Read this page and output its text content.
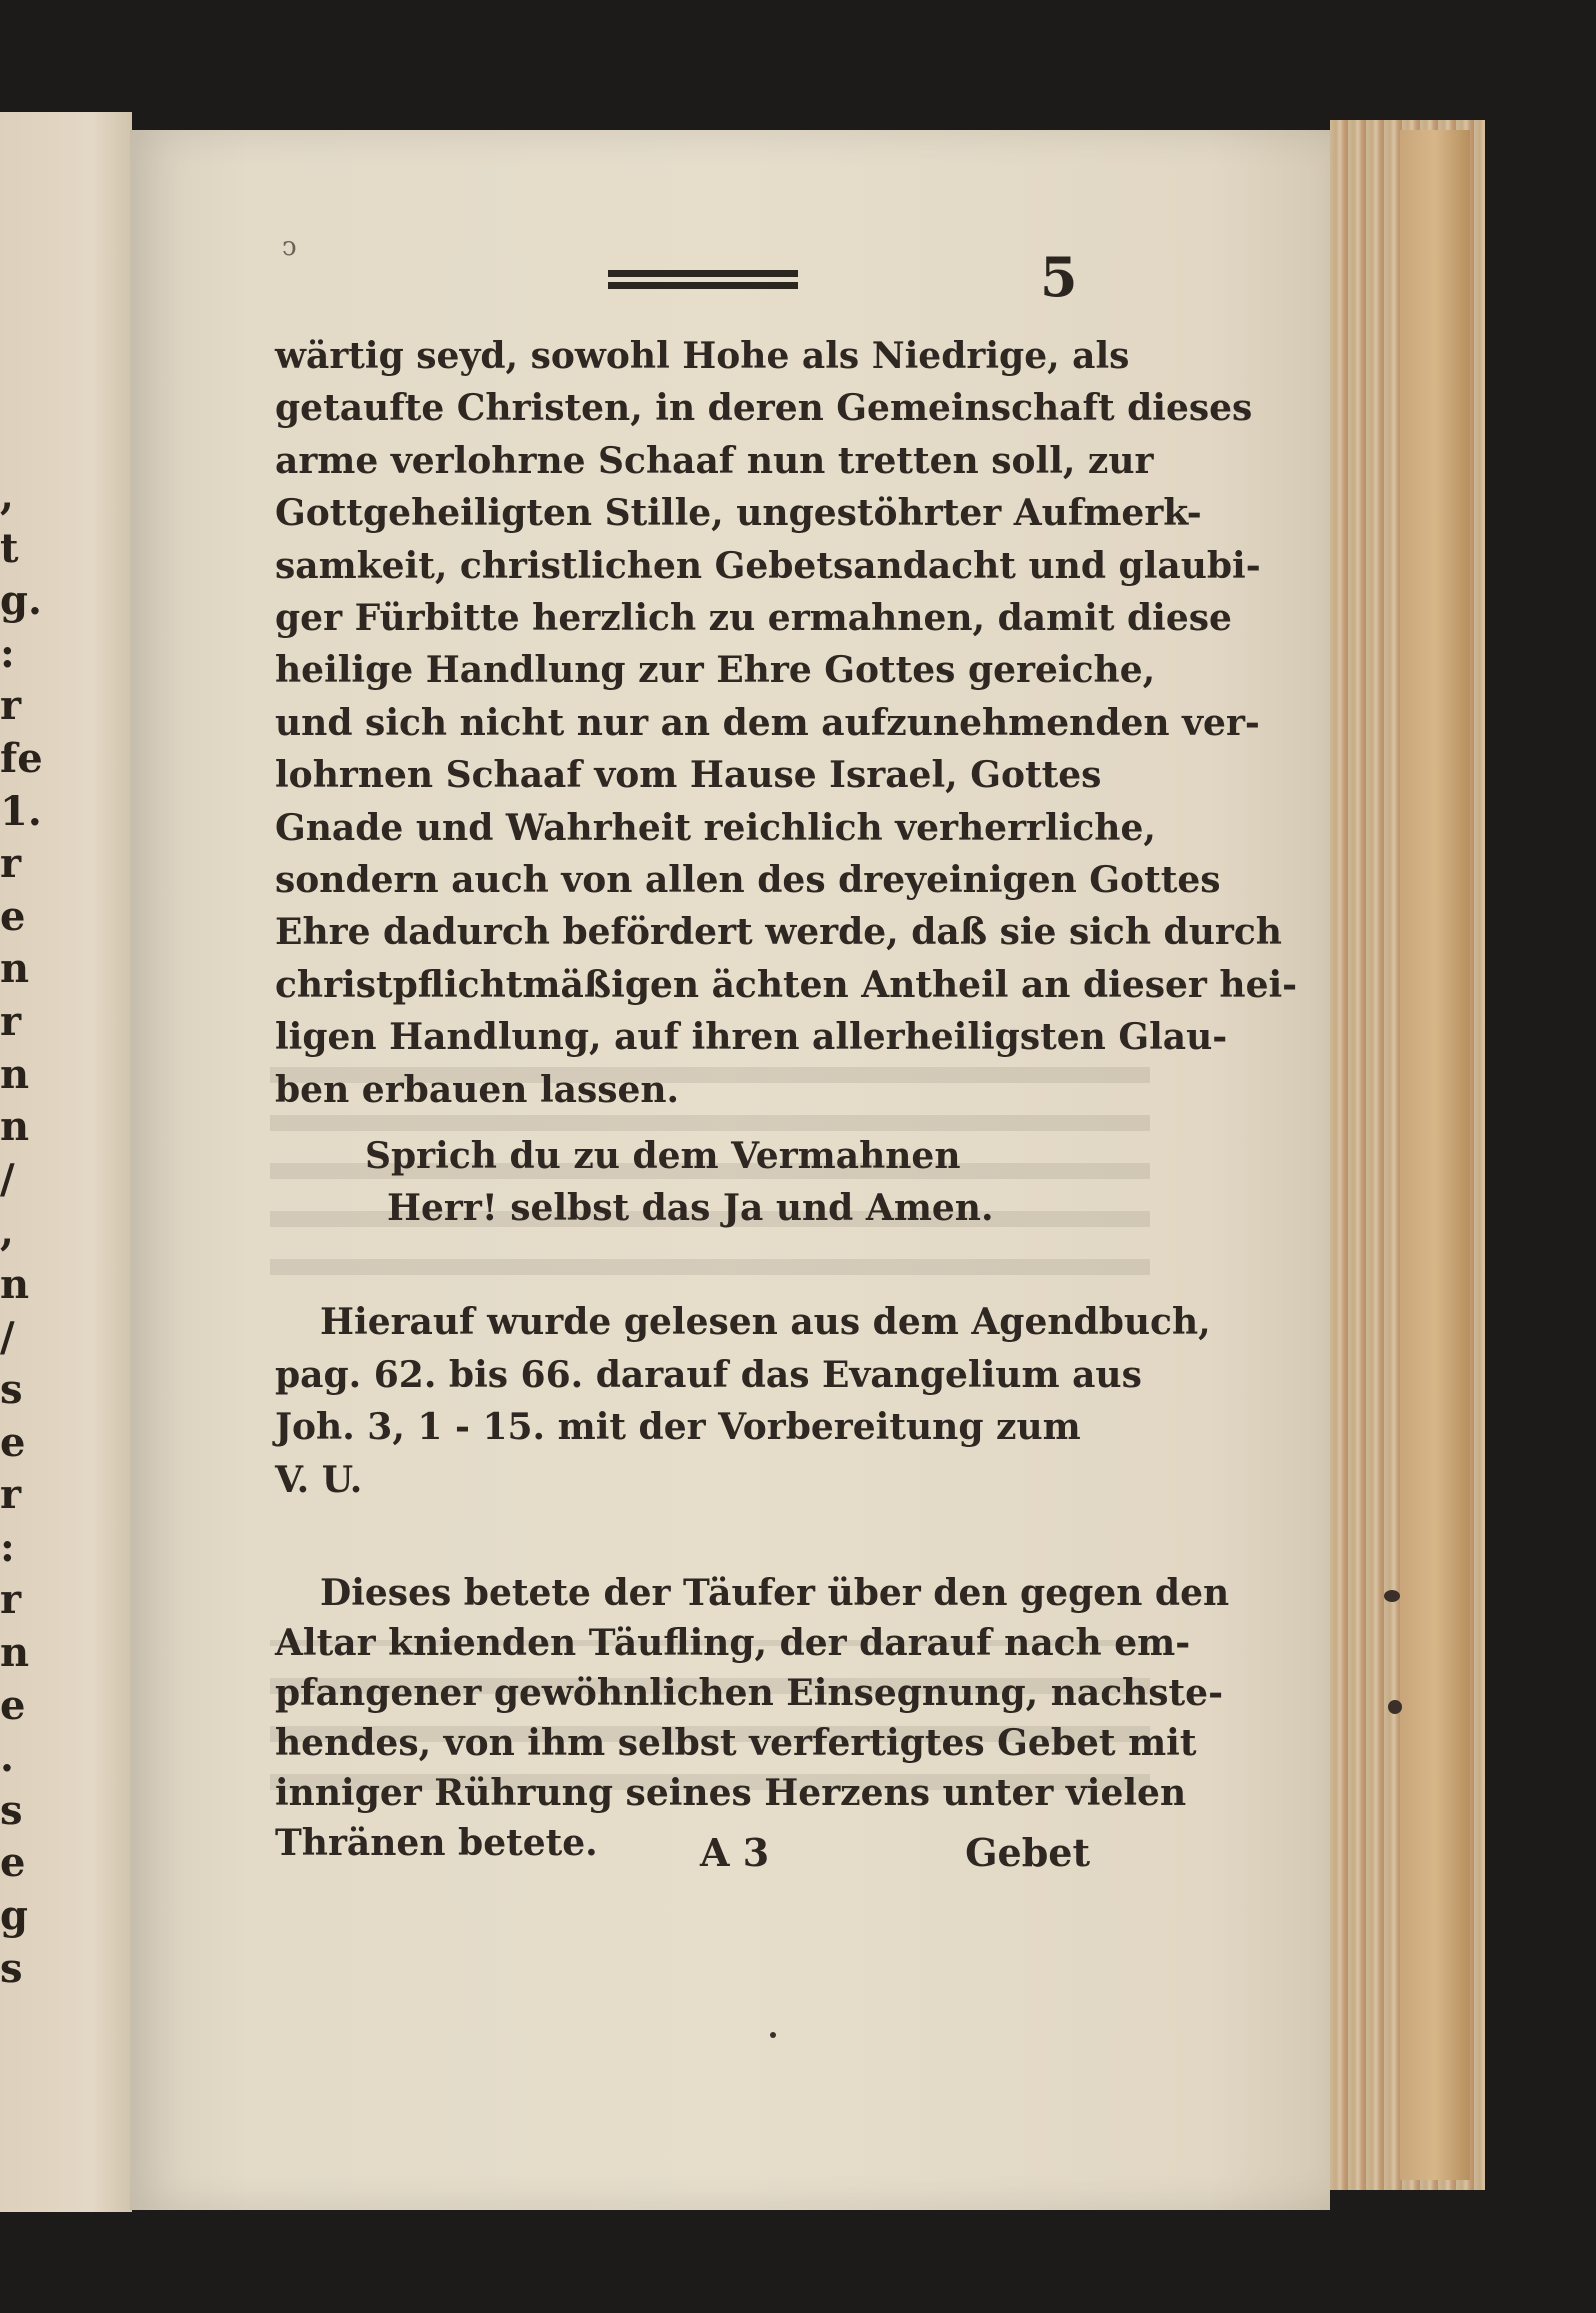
,
t
g.
:
r
fe
1.
r
e
n
r
n
n
/
,
n
/
s
e
r
:
r
n
e
.
s
e
g
s
ↄ	5
wärtig seyd, sowohl Hohe als Niedrige, als
getaufte Christen, in deren Gemeinschaft dieses
arme verlohrne Schaaf nun tretten soll, zur
Gottgeheiligten Stille, ungestöhrter Aufmerk-
samkeit, christlichen Gebetsandacht und glaubi-
ger Fürbitte herzlich zu ermahnen, damit diese
heilige Handlung zur Ehre Gottes gereiche,
und sich nicht nur an dem aufzunehmenden ver-
lohrnen Schaaf vom Hause Israel, Gottes
Gnade und Wahrheit reichlich verherrliche,
sondern auch von allen des dreyeinigen Gottes
Ehre dadurch befördert werde, daß sie sich durch
christpflichtmäßigen ächten Antheil an dieser hei-
ligen Handlung, auf ihren allerheiligsten Glau-
ben erbauen lassen.
Sprich du zu dem Vermahnen
Herr! selbst das Ja und Amen.
Hierauf wurde gelesen aus dem Agendbuch,
pag. 62. bis 66. darauf das Evangelium aus
Joh. 3, 1 - 15. mit der Vorbereitung zum
V. U.
Dieses betete der Täufer über den gegen den
Altar knienden Täufling, der darauf nach em-
pfangener gewöhnlichen Einsegnung, nachste-
hendes, von ihm selbst verfertigtes Gebet mit
inniger Rührung seines Herzens unter vielen
Thränen betete.	A 3	Gebet
